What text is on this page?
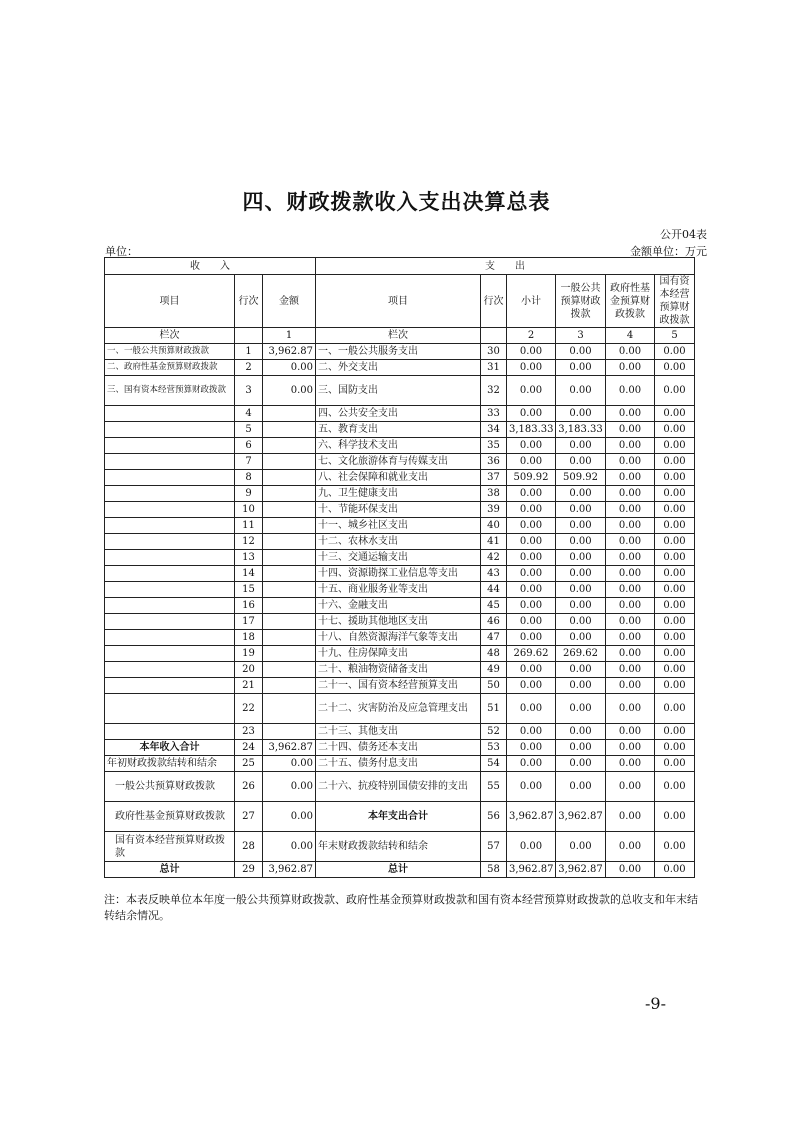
四、财政拨款收入支出决算总表
公开04表
单位：	金额单位：万元
收　　入			支　　出					
项目	行次	金额	项目	行次	小计	一般公共预算财政拨款	政府性基金预算财政拨款	国有资本经营预算财政拨款
栏次		1	栏次		2	3	4	5
一、一般公共预算财政拨款	1	3,962.87	一、一般公共服务支出	30	0.00	0.00	0.00	0.00
二、政府性基金预算财政拨款	2	0.00	二、外交支出	31	0.00	0.00	0.00	0.00
三、国有资本经营预算财政拨款	3	0.00	三、国防支出	32	0.00	0.00	0.00	0.00
	4		四、公共安全支出	33	0.00	0.00	0.00	0.00
	5		五、教育支出	34	3,183.33	3,183.33	0.00	0.00
	6		六、科学技术支出	35	0.00	0.00	0.00	0.00
	7		七、文化旅游体育与传媒支出	36	0.00	0.00	0.00	0.00
	8		八、社会保障和就业支出	37	509.92	509.92	0.00	0.00
	9		九、卫生健康支出	38	0.00	0.00	0.00	0.00
	10		十、节能环保支出	39	0.00	0.00	0.00	0.00
	11		十一、城乡社区支出	40	0.00	0.00	0.00	0.00
	12		十二、农林水支出	41	0.00	0.00	0.00	0.00
	13		十三、交通运输支出	42	0.00	0.00	0.00	0.00
	14		十四、资源勘探工业信息等支出	43	0.00	0.00	0.00	0.00
	15		十五、商业服务业等支出	44	0.00	0.00	0.00	0.00
	16		十六、金融支出	45	0.00	0.00	0.00	0.00
	17		十七、援助其他地区支出	46	0.00	0.00	0.00	0.00
	18		十八、自然资源海洋气象等支出	47	0.00	0.00	0.00	0.00
	19		十九、住房保障支出	48	269.62	269.62	0.00	0.00
	20		二十、粮油物资储备支出	49	0.00	0.00	0.00	0.00
	21		二十一、国有资本经营预算支出	50	0.00	0.00	0.00	0.00
	22		二十二、灾害防治及应急管理支出	51	0.00	0.00	0.00	0.00
	23		二十三、其他支出	52	0.00	0.00	0.00	0.00
本年收入合计	24	3,962.87	二十四、债务还本支出	53	0.00	0.00	0.00	0.00
年初财政拨款结转和结余	25	0.00	二十五、债务付息支出	54	0.00	0.00	0.00	0.00
一般公共预算财政拨款	26	0.00	二十六、抗疫特别国债安排的支出	55	0.00	0.00	0.00	0.00
政府性基金预算财政拨款	27	0.00	本年支出合计	56	3,962.87	3,962.87	0.00	0.00
国有资本经营预算财政拨款	28	0.00	年末财政拨款结转和结余	57	0.00	0.00	0.00	0.00
总计	29	3,962.87	总计	58	3,962.87	3,962.87	0.00	0.00
注：本表反映单位本年度一般公共预算财政拨款、政府性基金预算财政拨款和国有资本经营预算财政拨款的总收支和年末结转结余情况。
-9-
